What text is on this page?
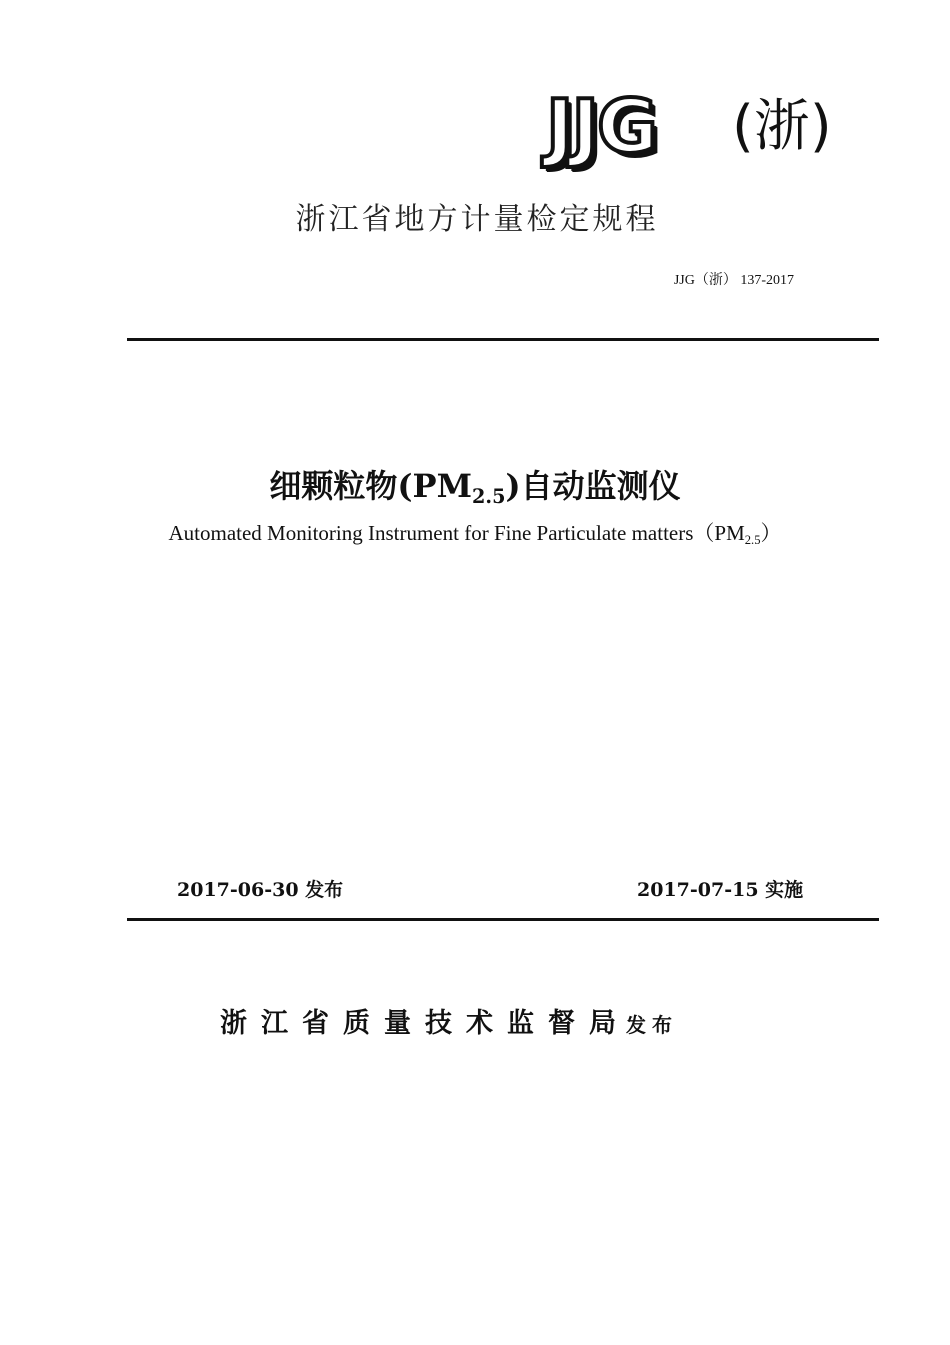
JJG (浙)
浙江省地方计量检定规程
JJG（浙） 137-2017
细颗粒物$(PM_{2.5})$自动监测仪
Automated Monitoring Instrument for Fine Particulate $matters(PM_{2.5})$
2017-06-30 发布	2017-07-15 实施
浙江省质量技术监督局发布
